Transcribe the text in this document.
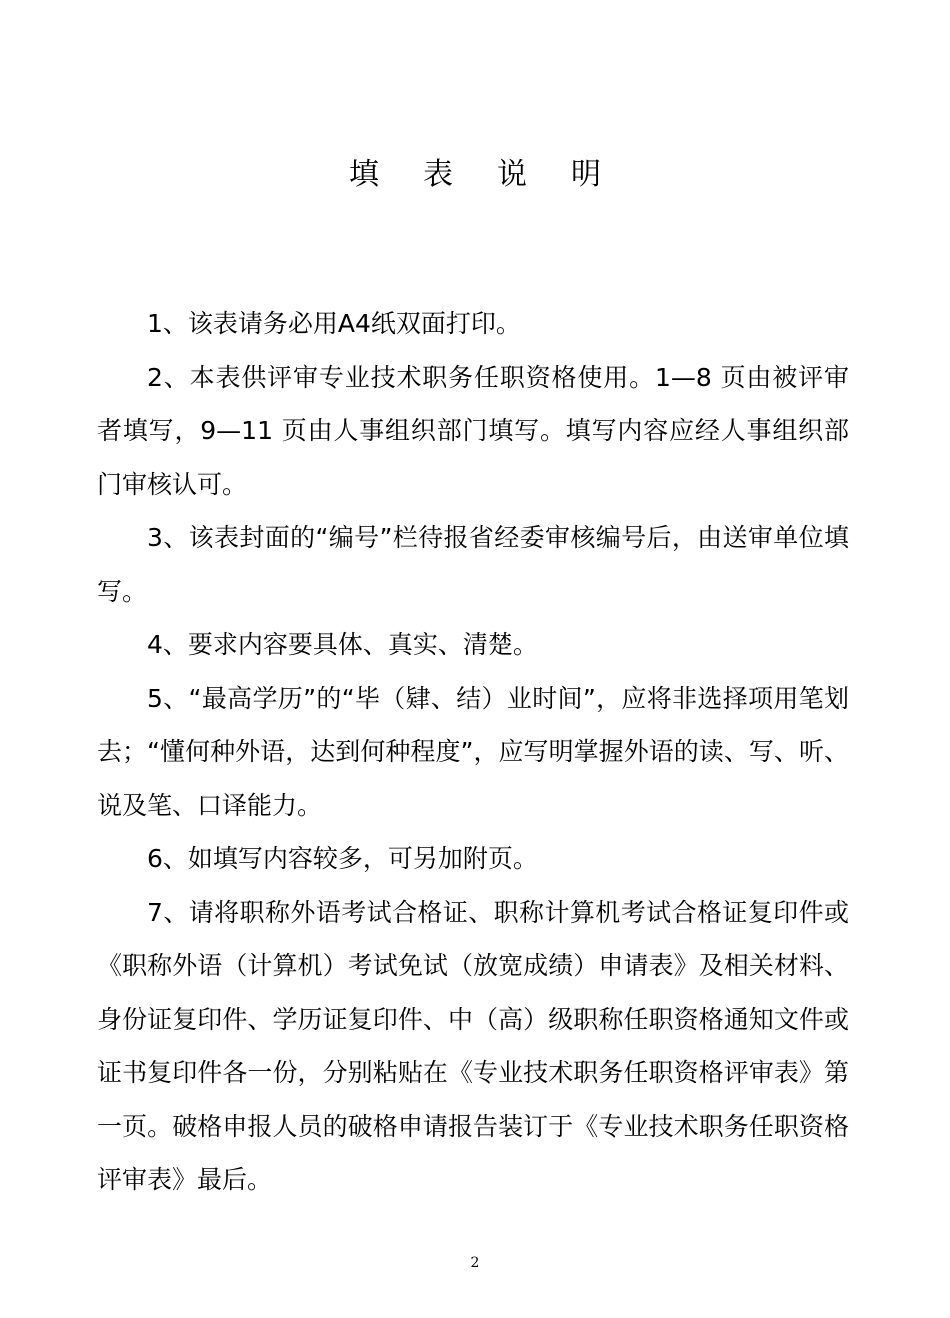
填表说明

1、该表请务必用A4纸双面打印。

2、本表供评审专业技术职务任职资格使用。1—8 页由被评审者填写，9—11 页由人事组织部门填写。填写内容应经人事组织部门审核认可。

3、该表封面的“编号”栏待报省经委审核编号后，由送审单位填写。

4、要求内容要具体、真实、清楚。

5、“最高学历”的“毕（肄、结）业时间”，应将非选择项用笔划去；“懂何种外语，达到何种程度”，应写明掌握外语的读、写、听、说及笔、口译能力。

6、如填写内容较多，可另加附页。

7、请将职称外语考试合格证、职称计算机考试合格证复印件或《职称外语（计算机）考试免试（放宽成绩）申请表》及相关材料、身份证复印件、学历证复印件、中（高）级职称任职资格通知文件或证书复印件各一份，分别粘贴在《专业技术职务任职资格评审表》第一页。破格申报人员的破格申请报告装订于《专业技术职务任职资格评审表》最后。

2
